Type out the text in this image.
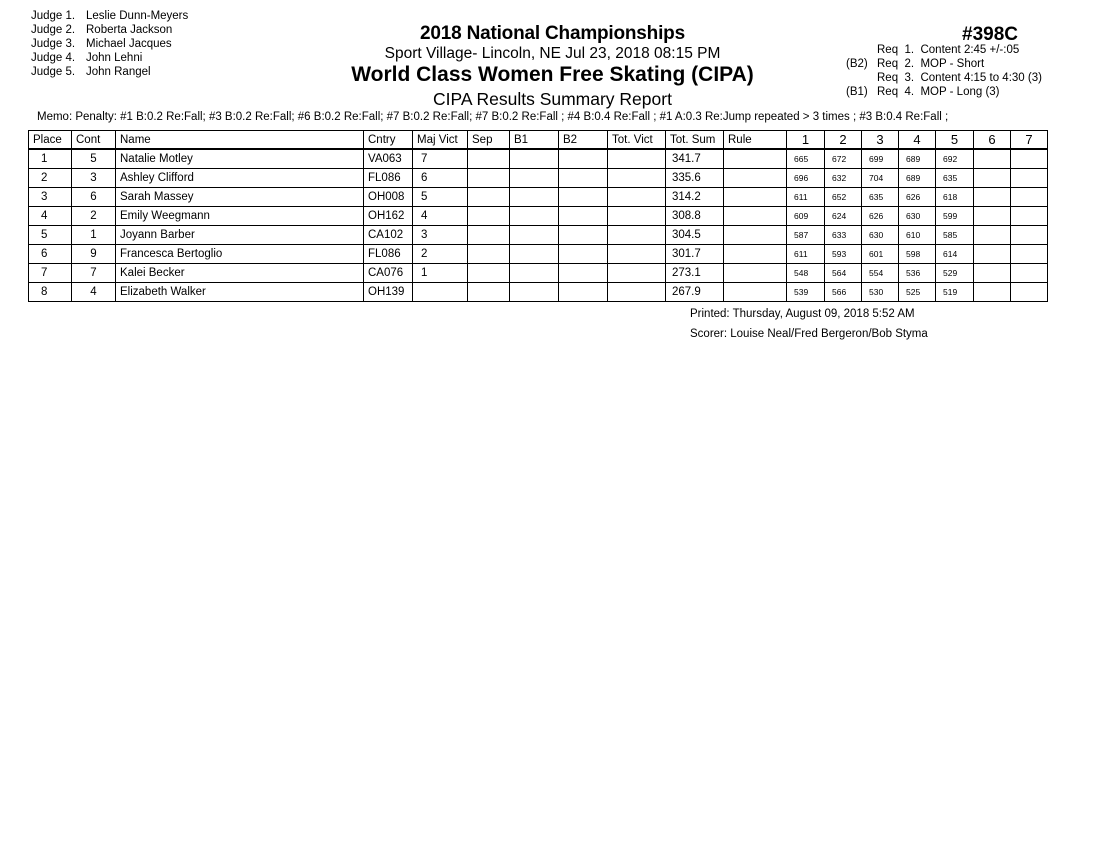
Judge 1. Leslie Dunn-Meyers
Judge 2. Roberta Jackson
Judge 3. Michael Jacques
Judge 4. John Lehni
Judge 5. John Rangel
2018 National Championships
Sport Village- Lincoln, NE Jul 23, 2018 08:15 PM
World Class Women Free Skating (CIPA)
CIPA Results Summary Report
#398C
Req  1.  Content 2:45 +/-:05
(B2) Req  2.  MOP - Short
Req  3.  Content 4:15 to 4:30 (3)
(B1) Req  4.  MOP - Long (3)
Memo: Penalty: #1 B:0.2 Re:Fall; #3 B:0.2 Re:Fall; #6 B:0.2 Re:Fall; #7 B:0.2 Re:Fall; #7 B:0.2 Re:Fall ; #4 B:0.4 Re:Fall ; #1 A:0.3 Re:Jump repeated > 3 times ; #3 B:0.4 Re:Fall ;
Place	Cont	Name	Cntry	Maj Vict	Sep	B1	B2	Tot. Vict	Tot. Sum	Rule	1	2	3	4	5	6	7
1	5	Natalie Motley	VA063	7					341.7		665	672	699	689	692		
2	3	Ashley Clifford	FL086	6					335.6		696	632	704	689	635		
3	6	Sarah Massey	OH008	5					314.2		611	652	635	626	618		
4	2	Emily Weegmann	OH162	4					308.8		609	624	626	630	599		
5	1	Joyann Barber	CA102	3					304.5		587	633	630	610	585		
6	9	Francesca Bertoglio	FL086	2					301.7		611	593	601	598	614		
7	7	Kalei Becker	CA076	1					273.1		548	564	554	536	529		
8	4	Elizabeth Walker	OH139						267.9		539	566	530	525	519		
Printed: Thursday, August 09, 2018 5:52 AM
Scorer: Louise Neal/Fred Bergeron/Bob Styma
